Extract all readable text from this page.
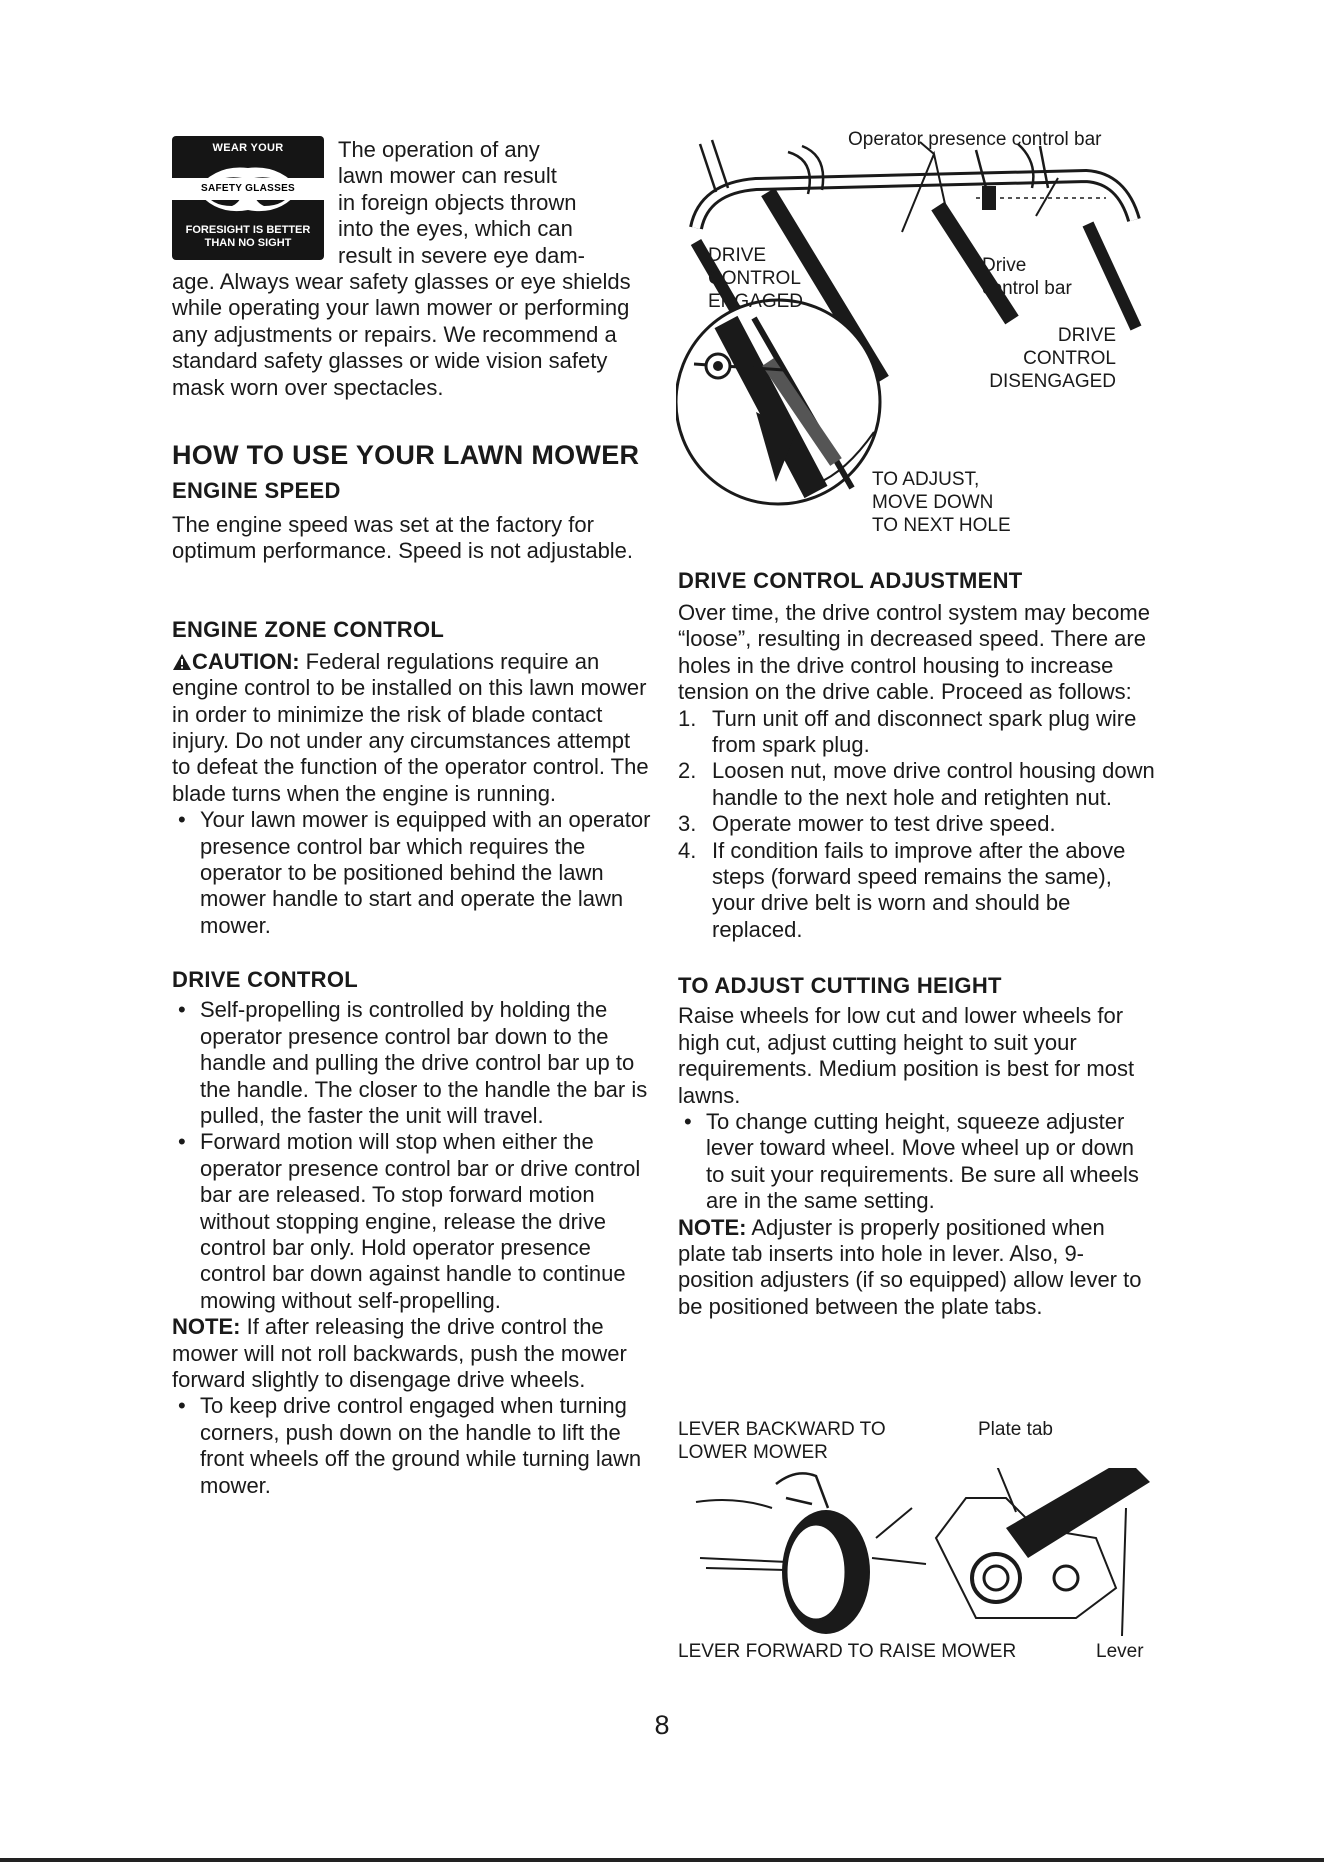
WEAR YOUR
SAFETY GLASSES
FORESIGHT IS BETTER
THAN NO SIGHT

The operation of any

lawn mower can result

in foreign objects thrown

into the eyes, which can

result in severe eye dam-

age. Always wear safety glasses or eye shields while operating your lawn mower or performing any adjustments or repairs. We recommend a standard safety glasses or wide vision safety mask worn over spectacles.

HOW TO USE YOUR LAWN MOWER
ENGINE SPEED

The engine speed was set at the factory for optimum performance. Speed is not adjustable.

ENGINE ZONE CONTROL

CAUTION: Federal regulations require an engine control to be installed on this lawn mower in order to minimize the risk of blade contact injury. Do not under any circumstances attempt to defeat the function of the operator control. The blade turns when the engine is running.

• Your lawn mower is equipped with an operator presence control bar which requires the operator to be positioned behind the lawn mower handle to start and operate the lawn mower.

DRIVE CONTROL

• Self-propelling is controlled by holding the operator presence control bar down to the handle and pulling the drive control bar up to the handle. The closer to the handle the bar is pulled, the faster the unit will travel.

• Forward motion will stop when either the operator presence control bar or drive control bar are released. To stop forward motion without stopping engine, release the drive control bar only. Hold operator presence control bar down against handle to continue mowing without self-propelling.

NOTE: If after releasing the drive control the mower will not roll backwards, push the mower forward slightly to disengage drive wheels.

• To keep drive control engaged when turning corners, push down on the handle to lift the front wheels off the ground while turning lawn mower.

Operator presence control bar

DRIVE
CONTROL
ENGAGED
Drive
control bar
DRIVE
CONTROL
DISENGAGED
TO ADJUST,
MOVE DOWN
TO NEXT HOLE
DRIVE CONTROL ADJUSTMENT

Over time, the drive control system may become “loose”, resulting in decreased speed. There are holes in the drive control housing to increase tension on the drive cable. Proceed as follows:

1. Turn unit off and disconnect spark plug wire from spark plug.

2. Loosen nut, move drive control housing down handle to the next hole and retighten nut.

3. Operate mower to test drive speed.

4. If condition fails to improve after the above steps (forward speed remains the same), your drive belt is worn and should be replaced.

TO ADJUST CUTTING HEIGHT

Raise wheels for low cut and lower wheels for high cut, adjust cutting height to suit your requirements. Medium position is best for most lawns.

• To change cutting height, squeeze adjuster lever toward wheel. Move wheel up or down to suit your requirements. Be sure all wheels are in the same setting.

NOTE: Adjuster is properly positioned when plate tab inserts into hole in lever. Also, 9-position adjusters (if so equipped) allow lever to be positioned between the plate tabs.

LEVER BACKWARD TO
LOWER MOWER

Plate tab

LEVER FORWARD TO RAISE MOWER	Lever

8
